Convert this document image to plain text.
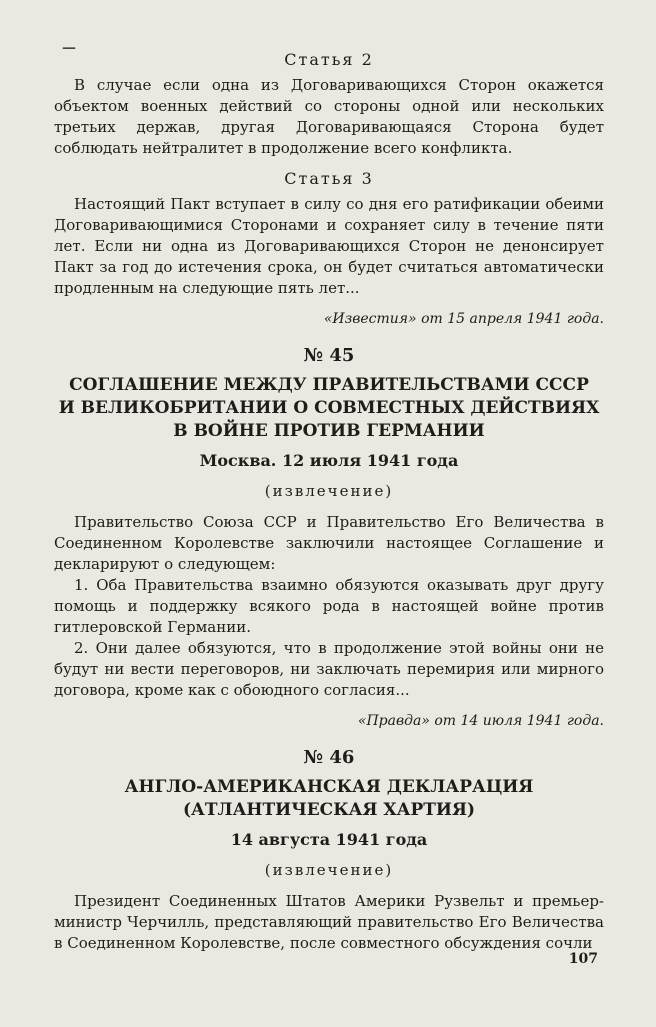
—
Статья 2

В случае если одна из Договаривающихся Сторон окажется объектом военных действий со стороны одной или нескольких третьих держав, другая Договаривающаяся Сторона будет соблюдать нейтралитет в продолжение всего конфликта.

Статья 3

Настоящий Пакт вступает в силу со дня его ратификации обеими Договаривающимися Сторонами и сохраняет силу в течение пяти лет. Если ни одна из Договаривающихся Сторон не денонсирует Пакт за год до истечения срока, он будет считаться автоматически продленным на следующие пять лет...

«Известия» от 15 апреля 1941 года.
№ 45
СОГЛАШЕНИЕ МЕЖДУ ПРАВИТЕЛЬСТВАМИ СССР
И ВЕЛИКОБРИТАНИИ О СОВМЕСТНЫХ ДЕЙСТВИЯХ
В ВОЙНЕ ПРОТИВ ГЕРМАНИИ
Москва. 12 июля 1941 года
(извлечение)

Правительство Союза ССР и Правительство Его Величества в Соединенном Королевстве заключили настоящее Соглашение и декларируют о следующем:

1. Оба Правительства взаимно обязуются оказывать друг другу помощь и поддержку всякого рода в настоящей войне против гитлеровской Германии.

2. Они далее обязуются, что в продолжение этой войны они не будут ни вести переговоров, ни заключать перемирия или мирного договора, кроме как с обоюдного согласия...

«Правда» от 14 июля 1941 года.
№ 46
АНГЛО-АМЕРИКАНСКАЯ ДЕКЛАРАЦИЯ
(АТЛАНТИЧЕСКАЯ ХАРТИЯ)
14 августа 1941 года
(извлечение)

Президент Соединенных Штатов Америки Рузвельт и премьер-министр Черчилль, представляющий правительство Его Величества в Соединенном Королевстве, после совместного обсуждения сочли

107
